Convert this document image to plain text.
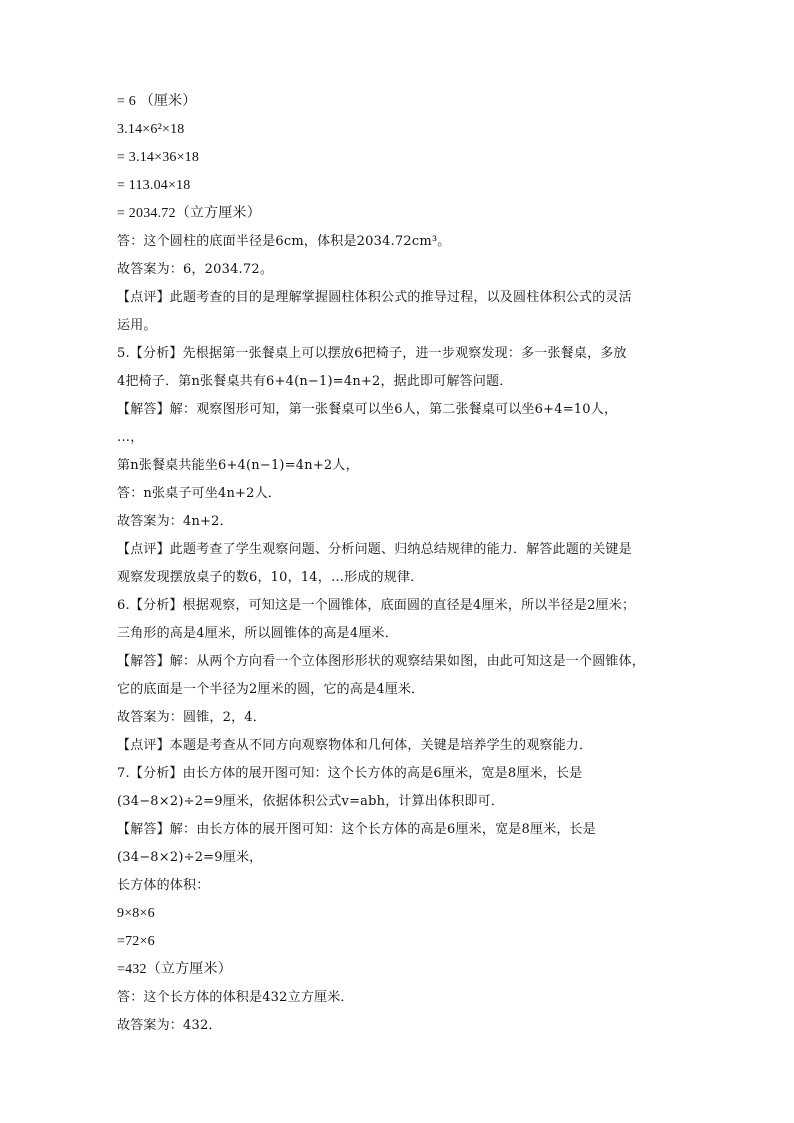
= 6 （厘米）
3.14×6²×18
= 3.14×36×18
= 113.04×18
= 2034.72（立方厘米）
答：这个圆柱的底面半径是6cm，体积是2034.72cm³。
故答案为：6，2034.72。
【点评】此题考查的目的是理解掌握圆柱体积公式的推导过程，以及圆柱体积公式的灵活
运用。
5.【分析】先根据第一张餐桌上可以摆放6把椅子，进一步观察发现：多一张餐桌，多放
4把椅子．第n张餐桌共有6+4(n−1)=4n+2，据此即可解答问题．
【解答】解：观察图形可知，第一张餐桌可以坐6人，第二张餐桌可以坐6+4=10人，
…，
第n张餐桌共能坐6+4(n−1)=4n+2人，
答：n张桌子可坐4n+2人．
故答案为：4n+2．
【点评】此题考查了学生观察问题、分析问题、归纳总结规律的能力．解答此题的关键是
观察发现摆放桌子的数6，10，14，…形成的规律．
6.【分析】根据观察，可知这是一个圆锥体，底面圆的直径是4厘米，所以半径是2厘米；
三角形的高是4厘米，所以圆锥体的高是4厘米．
【解答】解：从两个方向看一个立体图形形状的观察结果如图，由此可知这是一个圆锥体，
它的底面是一个半径为2厘米的圆，它的高是4厘米．
故答案为：圆锥，2，4．
【点评】本题是考查从不同方向观察物体和几何体，关键是培养学生的观察能力．
7.【分析】由长方体的展开图可知：这个长方体的高是6厘米，宽是8厘米，长是
(34−8×2)÷2=9厘米，依据体积公式v=abh，计算出体积即可．
【解答】解：由长方体的展开图可知：这个长方体的高是6厘米，宽是8厘米，长是
(34−8×2)÷2=9厘米，
长方体的体积：
9×8×6
=72×6
=432（立方厘米）
答：这个长方体的体积是432立方厘米．
故答案为：432．
